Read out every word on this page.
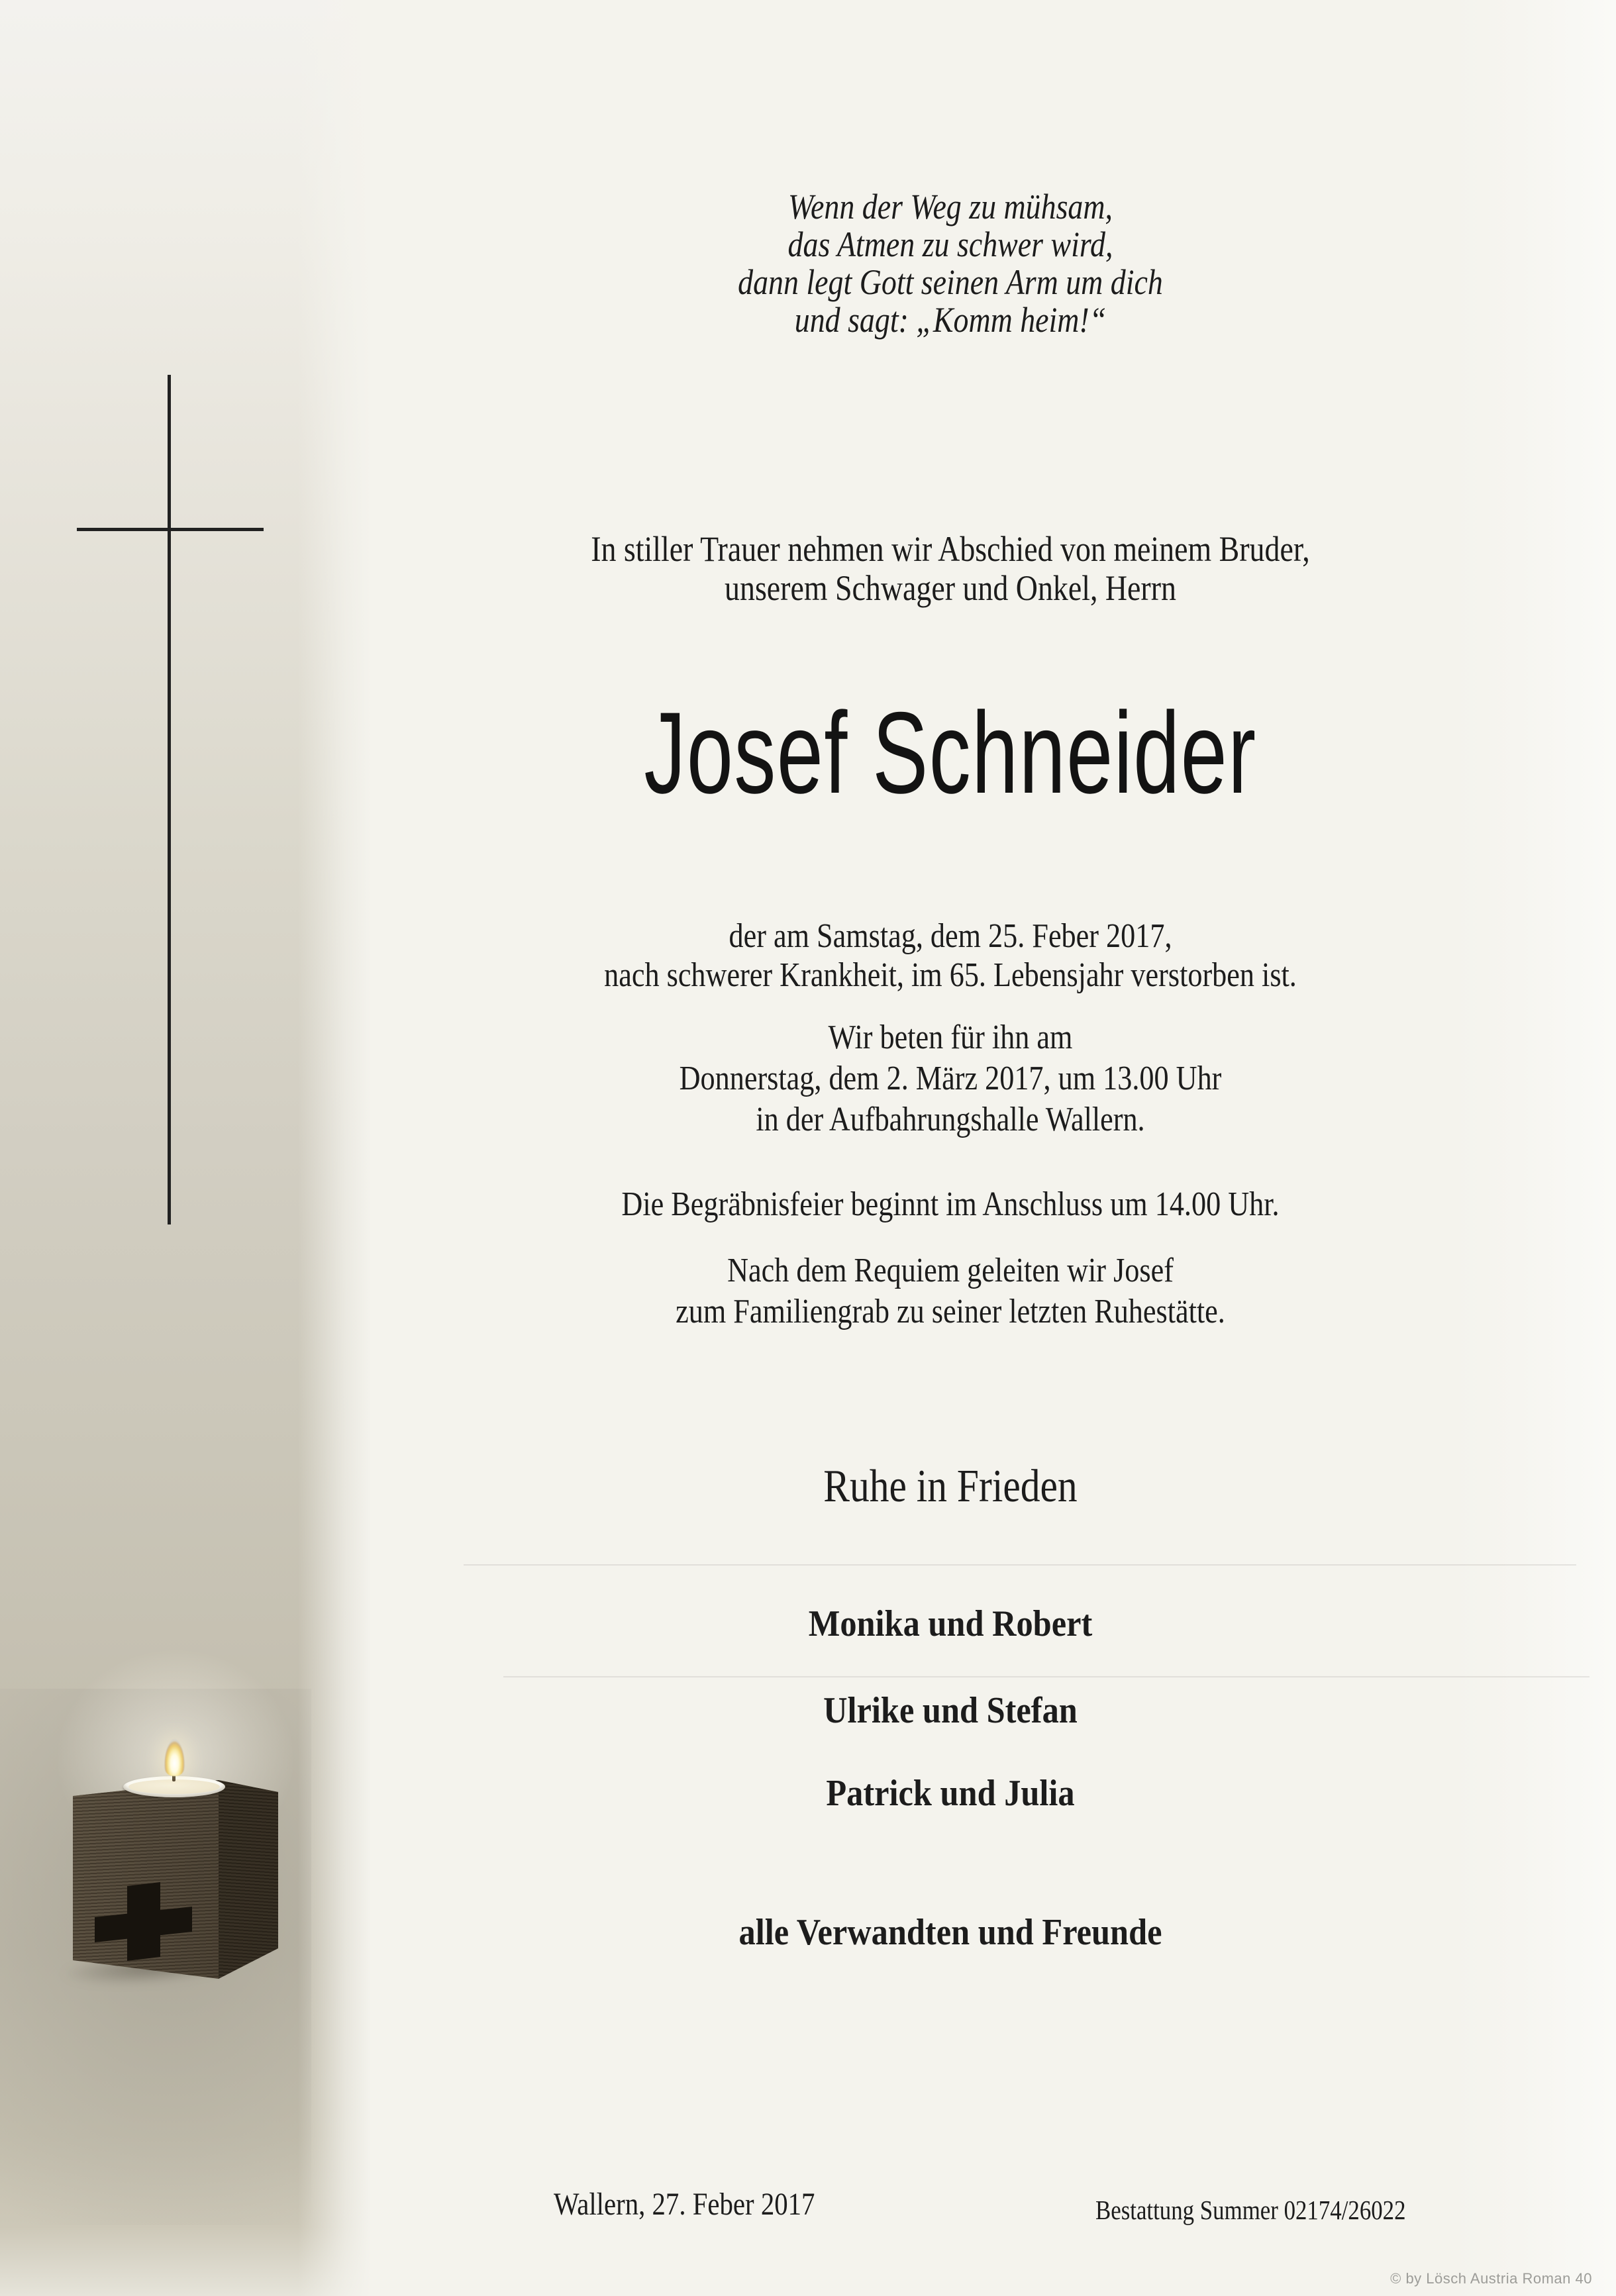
Wenn der Weg zu mühsam,
das Atmen zu schwer wird,
dann legt Gott seinen Arm um dich
und sagt: „Komm heim!“
In stiller Trauer nehmen wir Abschied von meinem Bruder,
unserem Schwager und Onkel, Herrn
Josef Schneider
der am Samstag, dem 25. Feber 2017,
nach schwerer Krankheit, im 65. Lebensjahr verstorben ist.
Wir beten für ihn am
Donnerstag, dem 2. März 2017, um 13.00 Uhr
in der Aufbahrungshalle Wallern.
Die Begräbnisfeier beginnt im Anschluss um 14.00 Uhr.
Nach dem Requiem geleiten wir Josef
zum Familiengrab zu seiner letzten Ruhestätte.
Ruhe in Frieden
Monika und Robert
Ulrike und Stefan
Patrick und Julia
alle Verwandten und Freunde
Wallern, 27. Feber 2017	Bestattung Summer 02174/26022
© by Lösch Austria Roman 40
